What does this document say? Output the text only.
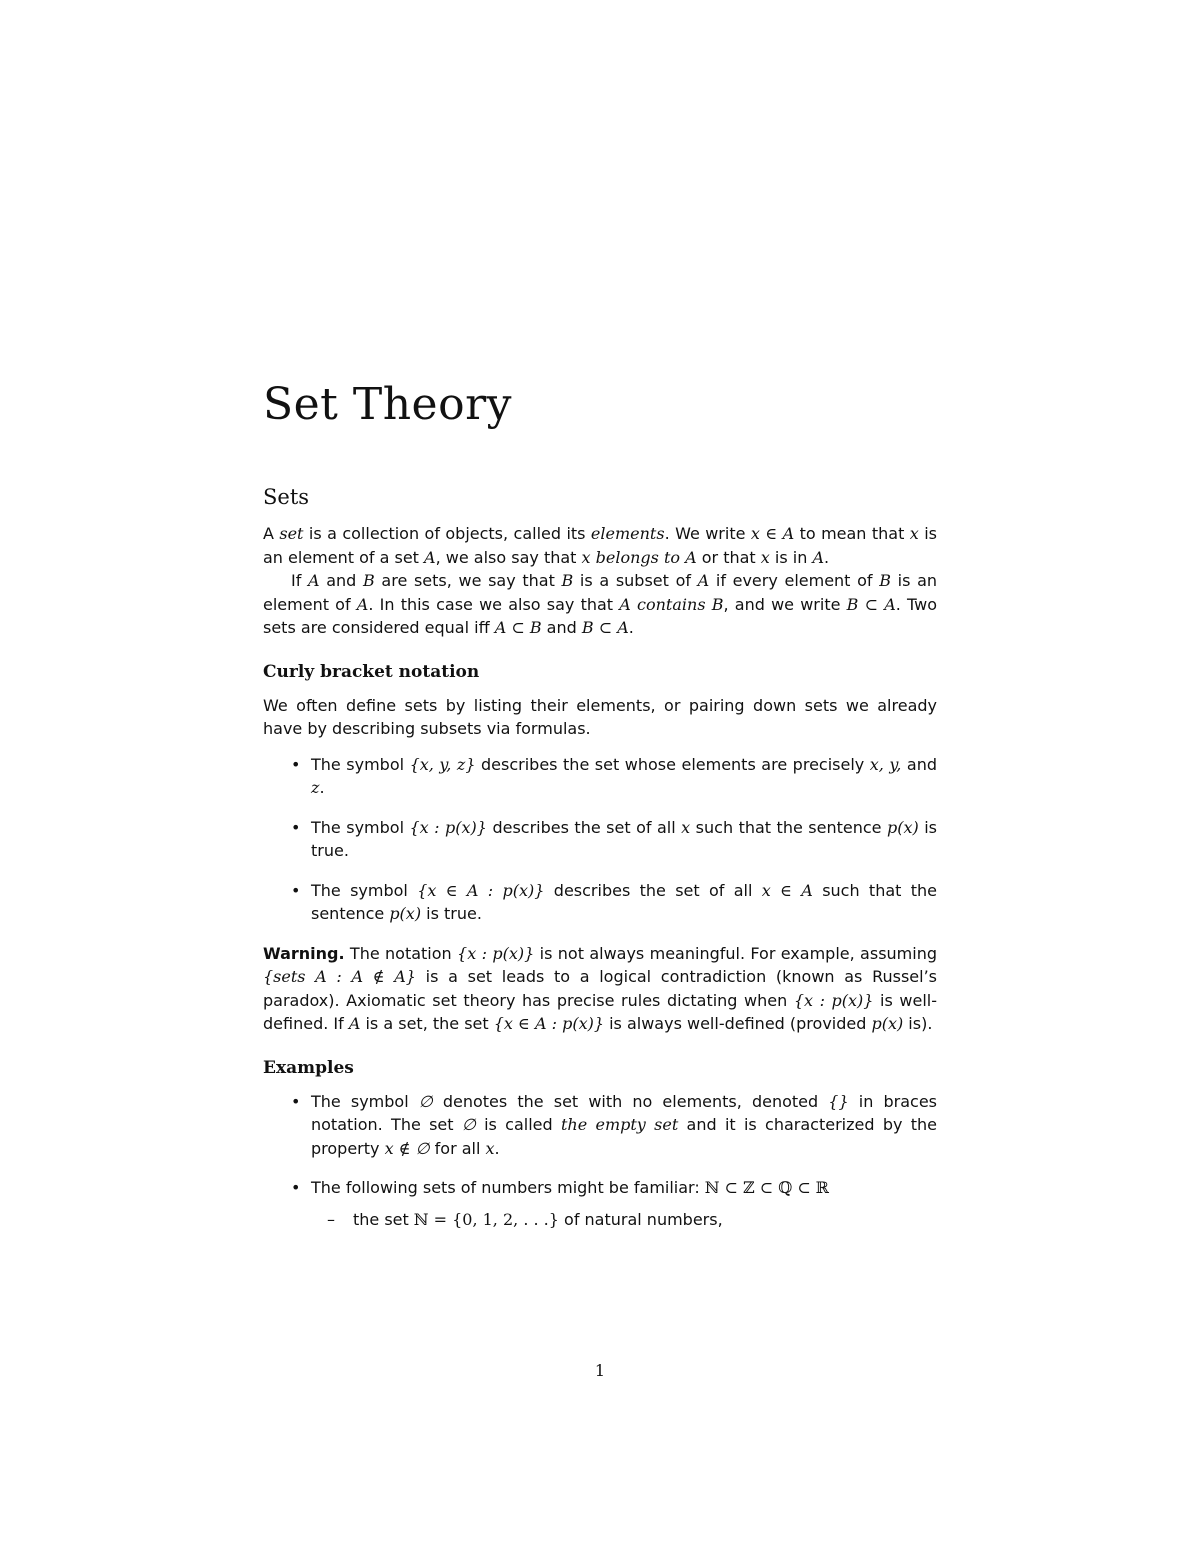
Set Theory
Sets

A set is a collection of objects, called its elements. We write x ∈ A to mean that x is an element of a set A, we also say that x belongs to A or that x is in A.

If A and B are sets, we say that B is a subset of A if every element of B is an element of A. In this case we also say that A contains B, and we write B ⊂ A. Two sets are considered equal iff A ⊂ B and B ⊂ A.

Curly bracket notation

We often define sets by listing their elements, or pairing down sets we already have by describing subsets via formulas.

• The symbol {x, y, z} describes the set whose elements are precisely x, y, and z.
• The symbol {x : p(x)} describes the set of all x such that the sentence p(x) is true.
• The symbol {x ∈ A : p(x)} describes the set of all x ∈ A such that the sentence p(x) is true.

Warning. The notation {x : p(x)} is not always meaningful. For example, assuming {sets A : A ∉ A} is a set leads to a logical contradiction (known as Russel’s paradox). Axiomatic set theory has precise rules dictating when {x : p(x)} is well-defined. If A is a set, the set {x ∈ A : p(x)} is always well-defined (provided p(x) is).

Examples
• The symbol ∅ denotes the set with no elements, denoted {} in braces notation. The set ∅ is called the empty set and it is characterized by the property x ∉ ∅ for all x.
• The following sets of numbers might be familiar: ℕ ⊂ ℤ ⊂ ℚ ⊂ ℝ
– the set ℕ = {0, 1, 2, . . .} of natural numbers,
1
